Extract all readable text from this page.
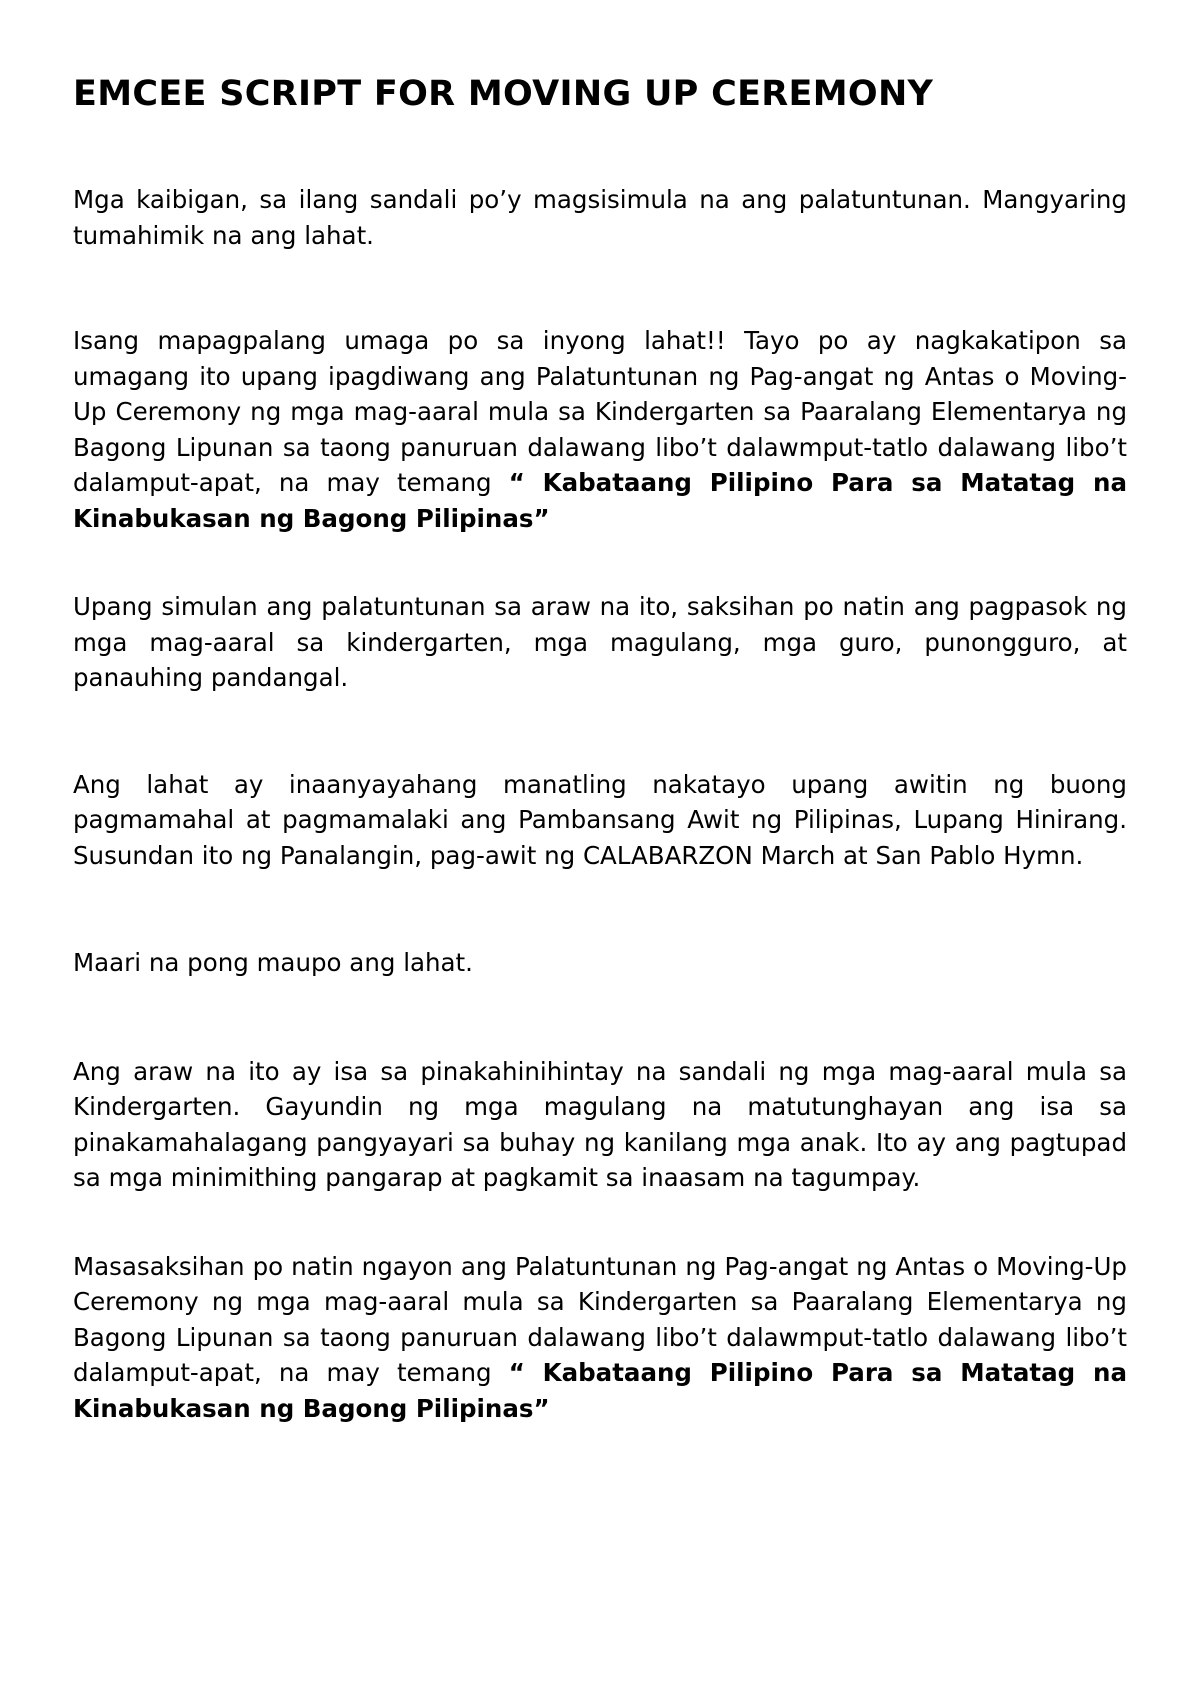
EMCEE SCRIPT FOR MOVING UP CEREMONY

Mga kaibigan, sa ilang sandali po’y magsisimula na ang palatuntunan. Mangyaring tumahimik na ang lahat.

Isang mapagpalang umaga po sa inyong lahat!! Tayo po ay nagkakatipon sa umagang ito upang ipagdiwang ang Palatuntunan ng Pag-angat ng Antas o Moving-Up Ceremony ng mga mag-aaral mula sa Kindergarten sa Paaralang Elementarya ng Bagong Lipunan sa taong panuruan dalawang libo’t dalawmput-tatlo dalawang libo’t dalamput-apat, na may temang “ Kabataang Pilipino Para sa Matatag na Kinabukasan ng Bagong Pilipinas”

Upang simulan ang palatuntunan sa araw na ito, saksihan po natin ang pagpasok ng mga mag-aaral sa kindergarten, mga magulang, mga guro, punongguro, at panauhing pandangal.

Ang lahat ay inaanyayahang manatling nakatayo upang awitin ng buong pagmamahal at pagmamalaki ang Pambansang Awit ng Pilipinas, Lupang Hinirang. Susundan ito ng Panalangin, pag-awit ng CALABARZON March at San Pablo Hymn.

Maari na pong maupo ang lahat.

Ang araw na ito ay isa sa pinakahinihintay na sandali ng mga mag-aaral mula sa Kindergarten. Gayundin ng mga magulang na matutunghayan ang isa sa pinakamahalagang pangyayari sa buhay ng kanilang mga anak. Ito ay ang pagtupad sa mga minimithing pangarap at pagkamit sa inaasam na tagumpay.

Masasaksihan po natin ngayon ang Palatuntunan ng Pag-angat ng Antas o Moving-Up Ceremony ng mga mag-aaral mula sa Kindergarten sa Paaralang Elementarya ng Bagong Lipunan sa taong panuruan dalawang libo’t dalawmput-tatlo dalawang libo’t dalamput-apat, na may temang “ Kabataang Pilipino Para sa Matatag na Kinabukasan ng Bagong Pilipinas”
